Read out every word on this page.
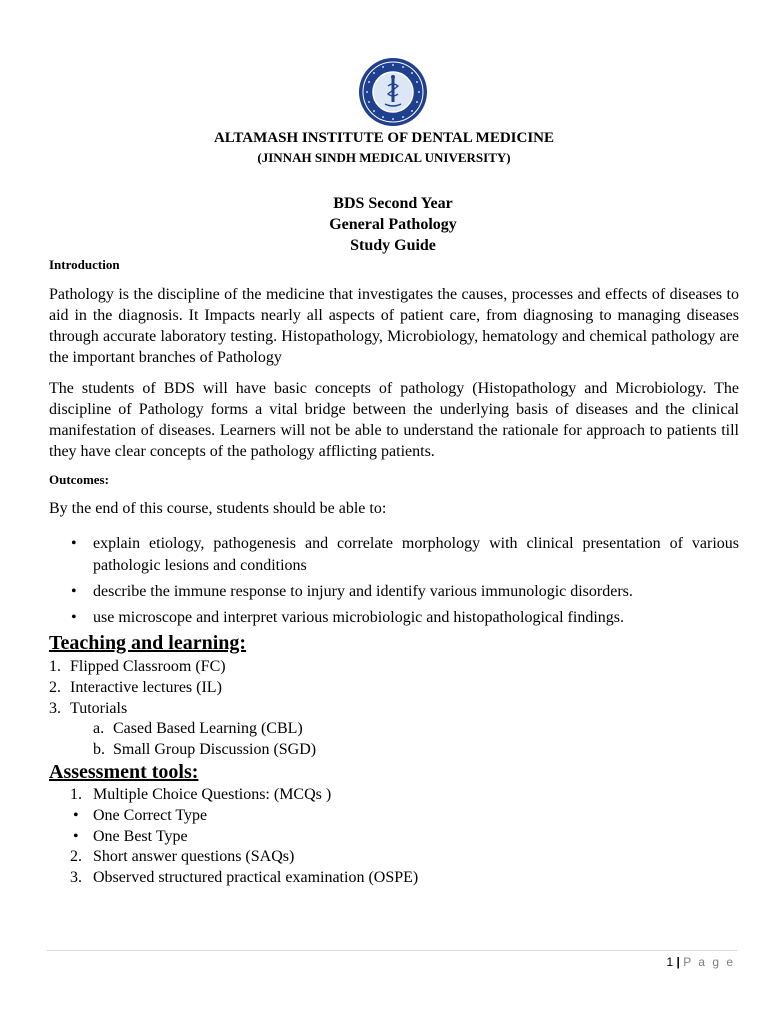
ALTAMASH INSTITUTE OF DENTAL MEDICINE
(JINNAH SINDH MEDICAL UNIVERSITY)
BDS Second Year
General Pathology
Study Guide
Introduction

Pathology is the discipline of the medicine that investigates the causes, processes and effects of diseases to aid in the diagnosis. It Impacts nearly all aspects of patient care, from diagnosing to managing diseases through accurate laboratory testing. Histopathology, Microbiology, hematology and chemical pathology are the important branches of Pathology

The students of BDS will have basic concepts of pathology (Histopathology and Microbiology. The discipline of Pathology forms a vital bridge between the underlying basis of diseases and the clinical manifestation of diseases. Learners will not be able to understand the rationale for approach to patients till they have clear concepts of the pathology afflicting patients.

Outcomes:
By the end of this course, students should be able to:
• explain etiology, pathogenesis and correlate morphology with clinical presentation of various pathologic lesions and conditions
• describe the immune response to injury and identify various immunologic disorders.
• use microscope and interpret various microbiologic and histopathological findings.
Teaching and learning:
1. Flipped Classroom (FC)
2. Interactive lectures (IL)
3. Tutorials
a. Cased Based Learning (CBL)
b. Small Group Discussion (SGD)
Assessment tools:
1. Multiple Choice Questions: (MCQs )
• One Correct Type
• One Best Type
2. Short answer questions (SAQs)
3. Observed structured practical examination (OSPE)
1 | P a g e
